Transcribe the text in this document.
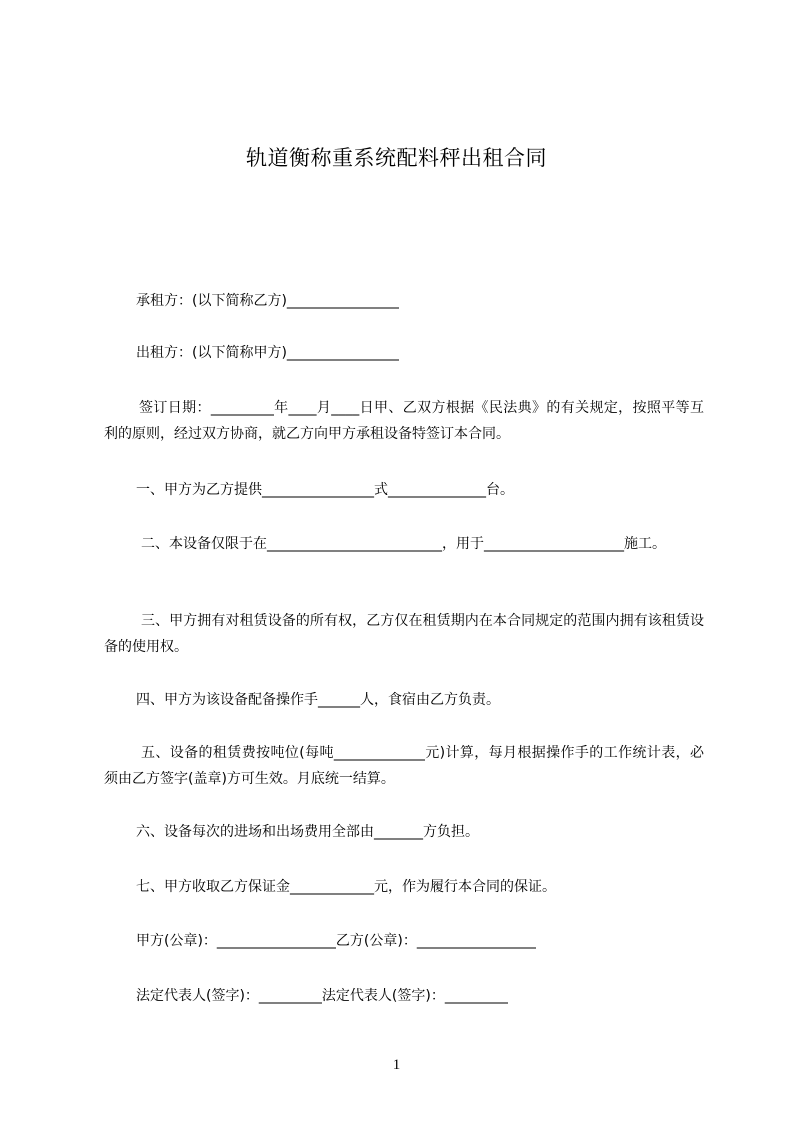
轨道衡称重系统配料秤出租合同
承租方：(以下简称乙方)________________
出租方：(以下简称甲方)________________
签订日期：_________年____月____日甲、乙双方根据《民法典》的有关规定，按照平等互利的原则，经过双方协商，就乙方向甲方承租设备特签订本合同。
一、甲方为乙方提供________________式______________台。
二、本设备仅限于在_________________________，用于____________________施工。
三、甲方拥有对租赁设备的所有权，乙方仅在租赁期内在本合同规定的范围内拥有该租赁设备的使用权。
四、甲方为该设备配备操作手______人，食宿由乙方负责。
五、设备的租赁费按吨位(每吨_____________元)计算，每月根据操作手的工作统计表，必须由乙方签字(盖章)方可生效。月底统一结算。
六、设备每次的进场和出场费用全部由_______方负担。
七、甲方收取乙方保证金____________元，作为履行本合同的保证。
甲方(公章)：_________________乙方(公章)：_________________
法定代表人(签字)：_________法定代表人(签字)：_________
1
